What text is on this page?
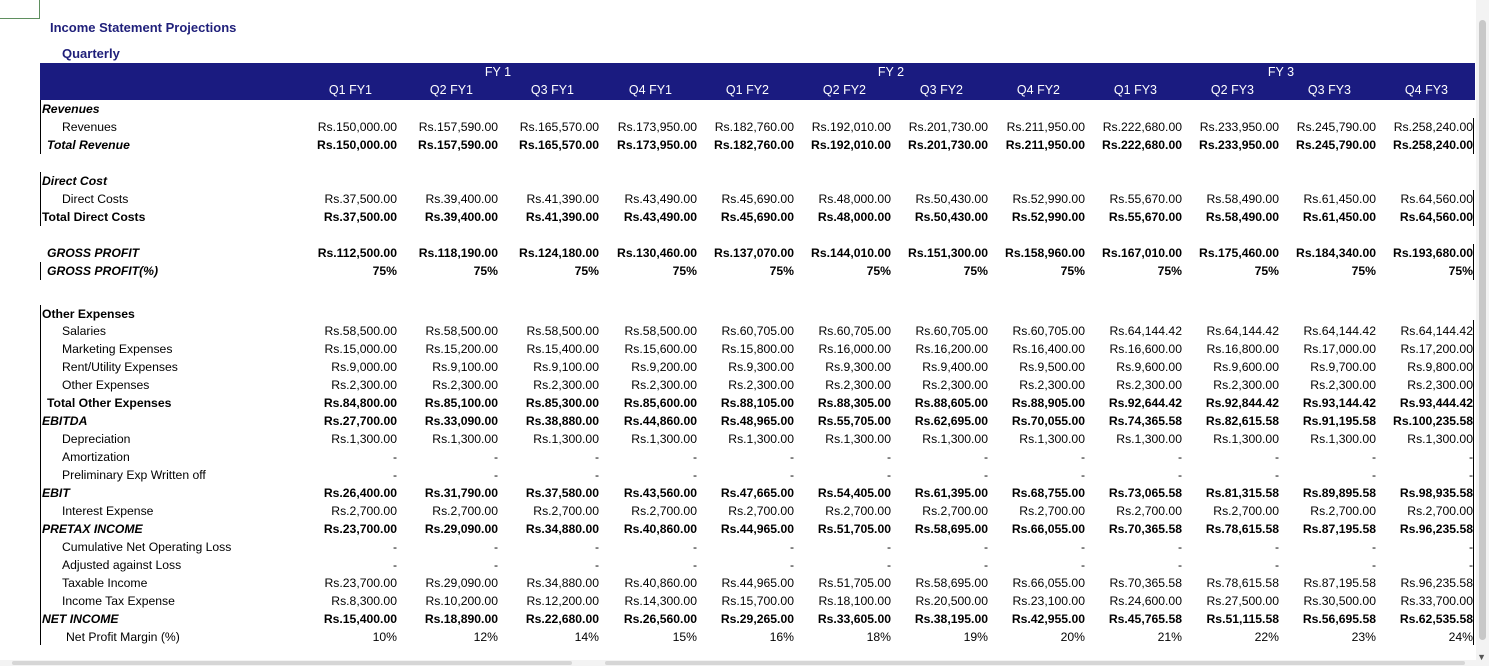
Income Statement Projections
Quarterly
FY 1	FY 2	FY 3
Q1 FY1	Q2 FY1	Q3 FY1	Q4 FY1	Q1 FY2	Q2 FY2	Q3 FY2	Q4 FY2	Q1 FY3	Q2 FY3	Q3 FY3	Q4 FY3
Revenues
Revenues	Rs.150,000.00	Rs.157,590.00	Rs.165,570.00	Rs.173,950.00	Rs.182,760.00	Rs.192,010.00	Rs.201,730.00	Rs.211,950.00	Rs.222,680.00	Rs.233,950.00	Rs.245,790.00	Rs.258,240.00
Total Revenue	Rs.150,000.00	Rs.157,590.00	Rs.165,570.00	Rs.173,950.00	Rs.182,760.00	Rs.192,010.00	Rs.201,730.00	Rs.211,950.00	Rs.222,680.00	Rs.233,950.00	Rs.245,790.00	Rs.258,240.00
Direct Cost
Direct Costs	Rs.37,500.00	Rs.39,400.00	Rs.41,390.00	Rs.43,490.00	Rs.45,690.00	Rs.48,000.00	Rs.50,430.00	Rs.52,990.00	Rs.55,670.00	Rs.58,490.00	Rs.61,450.00	Rs.64,560.00
Total Direct Costs	Rs.37,500.00	Rs.39,400.00	Rs.41,390.00	Rs.43,490.00	Rs.45,690.00	Rs.48,000.00	Rs.50,430.00	Rs.52,990.00	Rs.55,670.00	Rs.58,490.00	Rs.61,450.00	Rs.64,560.00
GROSS PROFIT	Rs.112,500.00	Rs.118,190.00	Rs.124,180.00	Rs.130,460.00	Rs.137,070.00	Rs.144,010.00	Rs.151,300.00	Rs.158,960.00	Rs.167,010.00	Rs.175,460.00	Rs.184,340.00	Rs.193,680.00
GROSS PROFIT(%)	75%	75%	75%	75%	75%	75%	75%	75%	75%	75%	75%	75%
Other Expenses
Salaries	Rs.58,500.00	Rs.58,500.00	Rs.58,500.00	Rs.58,500.00	Rs.60,705.00	Rs.60,705.00	Rs.60,705.00	Rs.60,705.00	Rs.64,144.42	Rs.64,144.42	Rs.64,144.42	Rs.64,144.42
Marketing Expenses	Rs.15,000.00	Rs.15,200.00	Rs.15,400.00	Rs.15,600.00	Rs.15,800.00	Rs.16,000.00	Rs.16,200.00	Rs.16,400.00	Rs.16,600.00	Rs.16,800.00	Rs.17,000.00	Rs.17,200.00
Rent/Utility Expenses	Rs.9,000.00	Rs.9,100.00	Rs.9,100.00	Rs.9,200.00	Rs.9,300.00	Rs.9,300.00	Rs.9,400.00	Rs.9,500.00	Rs.9,600.00	Rs.9,600.00	Rs.9,700.00	Rs.9,800.00
Other Expenses	Rs.2,300.00	Rs.2,300.00	Rs.2,300.00	Rs.2,300.00	Rs.2,300.00	Rs.2,300.00	Rs.2,300.00	Rs.2,300.00	Rs.2,300.00	Rs.2,300.00	Rs.2,300.00	Rs.2,300.00
Total Other Expenses	Rs.84,800.00	Rs.85,100.00	Rs.85,300.00	Rs.85,600.00	Rs.88,105.00	Rs.88,305.00	Rs.88,605.00	Rs.88,905.00	Rs.92,644.42	Rs.92,844.42	Rs.93,144.42	Rs.93,444.42
EBITDA	Rs.27,700.00	Rs.33,090.00	Rs.38,880.00	Rs.44,860.00	Rs.48,965.00	Rs.55,705.00	Rs.62,695.00	Rs.70,055.00	Rs.74,365.58	Rs.82,615.58	Rs.91,195.58	Rs.100,235.58
Depreciation	Rs.1,300.00	Rs.1,300.00	Rs.1,300.00	Rs.1,300.00	Rs.1,300.00	Rs.1,300.00	Rs.1,300.00	Rs.1,300.00	Rs.1,300.00	Rs.1,300.00	Rs.1,300.00	Rs.1,300.00
Amortization	-	-	-	-	-	-	-	-	-	-	-	-
Preliminary Exp Written off	-	-	-	-	-	-	-	-	-	-	-	-
EBIT	Rs.26,400.00	Rs.31,790.00	Rs.37,580.00	Rs.43,560.00	Rs.47,665.00	Rs.54,405.00	Rs.61,395.00	Rs.68,755.00	Rs.73,065.58	Rs.81,315.58	Rs.89,895.58	Rs.98,935.58
Interest Expense	Rs.2,700.00	Rs.2,700.00	Rs.2,700.00	Rs.2,700.00	Rs.2,700.00	Rs.2,700.00	Rs.2,700.00	Rs.2,700.00	Rs.2,700.00	Rs.2,700.00	Rs.2,700.00	Rs.2,700.00
PRETAX INCOME	Rs.23,700.00	Rs.29,090.00	Rs.34,880.00	Rs.40,860.00	Rs.44,965.00	Rs.51,705.00	Rs.58,695.00	Rs.66,055.00	Rs.70,365.58	Rs.78,615.58	Rs.87,195.58	Rs.96,235.58
Cumulative Net Operating Loss	-	-	-	-	-	-	-	-	-	-	-	-
Adjusted against Loss	-	-	-	-	-	-	-	-	-	-	-	-
Taxable Income	Rs.23,700.00	Rs.29,090.00	Rs.34,880.00	Rs.40,860.00	Rs.44,965.00	Rs.51,705.00	Rs.58,695.00	Rs.66,055.00	Rs.70,365.58	Rs.78,615.58	Rs.87,195.58	Rs.96,235.58
Income Tax Expense	Rs.8,300.00	Rs.10,200.00	Rs.12,200.00	Rs.14,300.00	Rs.15,700.00	Rs.18,100.00	Rs.20,500.00	Rs.23,100.00	Rs.24,600.00	Rs.27,500.00	Rs.30,500.00	Rs.33,700.00
NET INCOME	Rs.15,400.00	Rs.18,890.00	Rs.22,680.00	Rs.26,560.00	Rs.29,265.00	Rs.33,605.00	Rs.38,195.00	Rs.42,955.00	Rs.45,765.58	Rs.51,115.58	Rs.56,695.58	Rs.62,535.58
Net Profit Margin (%)	10%	12%	14%	15%	16%	18%	19%	20%	21%	22%	23%	24%
▼
